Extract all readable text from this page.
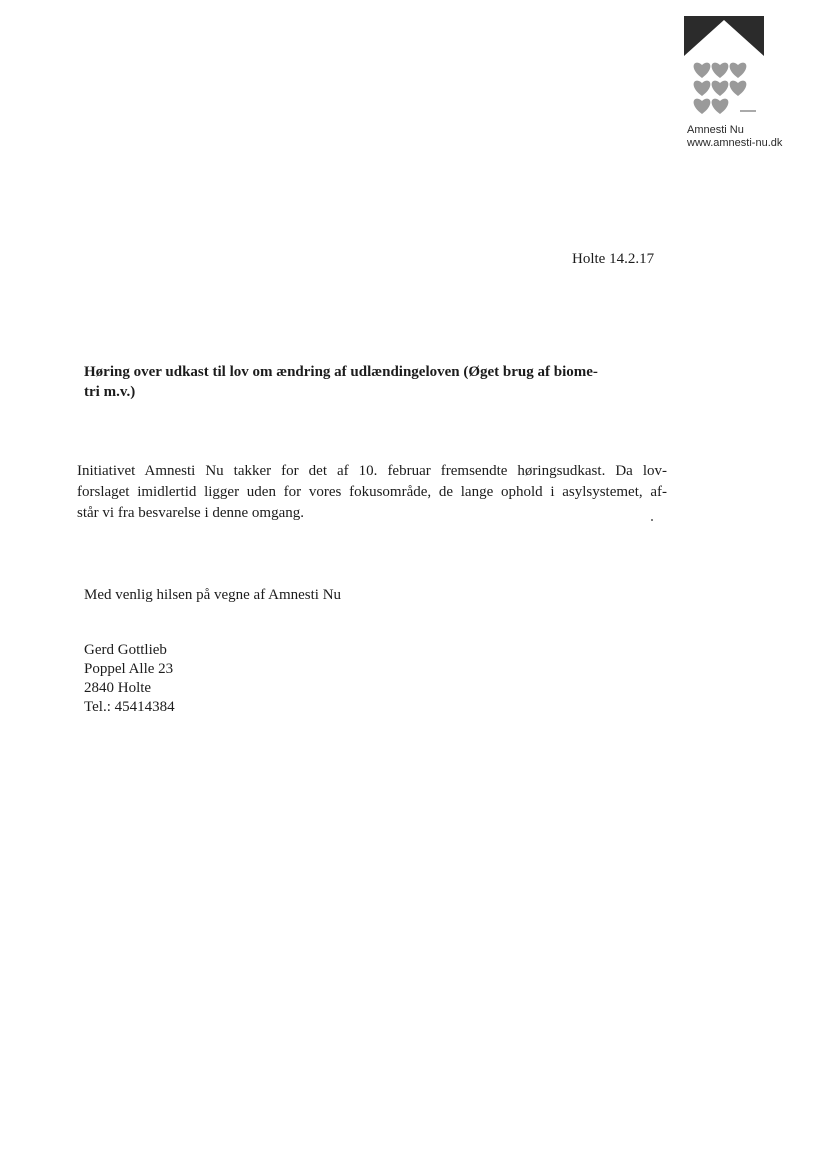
Amnesti Nu
www.amnesti-nu.dk
Holte 14.2.17
Høring over udkast til lov om ændring af udlændingeloven (Øget brug af biome-
tri m.v.)
Initiativet Amnesti Nu takker for det af 10. februar fremsendte høringsudkast. Da lov-
forslaget imidlertid ligger uden for vores fokusområde, de lange ophold i asylsystemet, af-
står vi fra besvarelse i denne omgang.
Med venlig hilsen på vegne af Amnesti Nu
Gerd Gottlieb
Poppel Alle 23
2840 Holte
Tel.: 45414384
